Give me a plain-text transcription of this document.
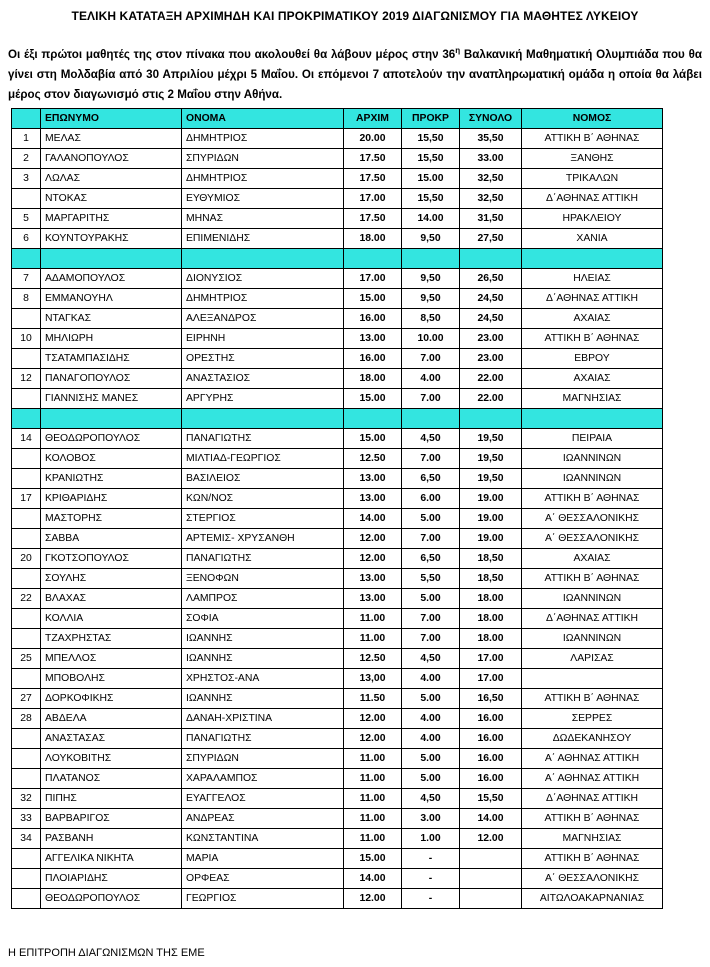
ΤΕΛΙΚΗ ΚΑΤΑΤΑΞΗ ΑΡΧΙΜΗΔΗ ΚΑΙ ΠΡΟΚΡΙΜΑΤΙΚΟΥ 2019 ΔΙΑΓΩΝΙΣΜΟΥ ΓΙΑ ΜΑΘΗΤΕΣ ΛΥΚΕΙΟΥ
Οι έξι πρώτοι μαθητές της στον πίνακα που ακολουθεί θα λάβουν μέρος στην $36^\eta$ Βαλκανική Μαθηματική Ολυμπιάδα που θα γίνει στη Μολδαβία από 30 Απριλίου μέχρι 5 Μαΐου. Οι επόμενοι 7 αποτελούν την αναπληρωματική ομάδα η οποία θα λάβει μέρος στον διαγωνισμό στις 2 Μαΐου στην Αθήνα.
	ΕΠΩΝΥΜΟ	ΟΝΟΜΑ	ΑΡΧΙΜ	ΠΡΟΚΡ	ΣΥΝΟΛΟ	ΝΟΜΟΣ
1	ΜΕΛΑΣ	ΔΗΜΗΤΡΙΟΣ	20.00	15,50	35,50	ΑΤΤΙΚΗ Β΄ ΑΘΗΝΑΣ
2	ΓΑΛΑΝΟΠΟΥΛΟΣ	ΣΠΥΡΙΔΩΝ	17.50	15,50	33.00	ΞΑΝΘΗΣ
3	ΛΩΛΑΣ	ΔΗΜΗΤΡΙΟΣ	17.50	15.00	32,50	ΤΡΙΚΑΛΩΝ
	ΝΤΟΚΑΣ	ΕΥΘΥΜΙΟΣ	17.00	15,50	32,50	Δ΄ΑΘΗΝΑΣ ΑΤΤΙΚΗ
5	ΜΑΡΓΑΡΙΤΗΣ	ΜΗΝΑΣ	17.50	14.00	31,50	ΗΡΑΚΛΕΙΟΥ
6	ΚΟΥΝΤΟΥΡΑΚΗΣ	ΕΠΙΜΕΝΙΔΗΣ	18.00	9,50	27,50	ΧΑΝΙΑ

7	ΑΔΑΜΟΠΟΥΛΟΣ	ΔΙΟΝΥΣΙΟΣ	17.00	9,50	26,50	ΗΛΕΙΑΣ
8	ΕΜΜΑΝΟΥΗΛ	ΔΗΜΗΤΡΙΟΣ	15.00	9,50	24,50	Δ΄ΑΘΗΝΑΣ ΑΤΤΙΚΗ
	ΝΤΑΓΚΑΣ	ΑΛΕΞΑΝΔΡΟΣ	16.00	8,50	24,50	ΑΧΑΙΑΣ
10	ΜΗΛΙΩΡΗ	ΕΙΡΗΝΗ	13.00	10.00	23.00	ΑΤΤΙΚΗ Β΄ ΑΘΗΝΑΣ
	ΤΣΑΤΑΜΠΑΣΙΔΗΣ	ΟΡΕΣΤΗΣ	16.00	7.00	23.00	ΕΒΡΟΥ
12	ΠΑΝΑΓΟΠΟΥΛΟΣ	ΑΝΑΣΤΑΣΙΟΣ	18.00	4.00	22.00	ΑΧΑΙΑΣ
	ΓΙΑΝΝΙΣΗΣ ΜΑΝΕΣ	ΑΡΓΥΡΗΣ	15.00	7.00	22.00	ΜΑΓΝΗΣΙΑΣ

14	ΘΕΟΔΩΡΟΠΟΥΛΟΣ	ΠΑΝΑΓΙΩΤΗΣ	15.00	4,50	19,50	ΠΕΙΡΑΙΑ
	ΚΟΛΟΒΟΣ	ΜΙΛΤΙΑΔ-ΓΕΩΡΓΙΟΣ	12.50	7.00	19,50	ΙΩΑΝΝΙΝΩΝ
	ΚΡΑΝΙΩΤΗΣ	ΒΑΣΙΛΕΙΟΣ	13.00	6,50	19,50	ΙΩΑΝΝΙΝΩΝ
17	ΚΡΙΘΑΡΙΔΗΣ	ΚΩΝ/ΝΟΣ	13.00	6.00	19.00	ΑΤΤΙΚΗ Β΄ ΑΘΗΝΑΣ
	ΜΑΣΤΟΡΗΣ	ΣΤΕΡΓΙΟΣ	14.00	5.00	19.00	Α΄ ΘΕΣΣΑΛΟΝΙΚΗΣ
	ΣΑΒΒΑ	ΑΡΤΕΜΙΣ- ΧΡΥΣΑΝΘΗ	12.00	7.00	19.00	Α΄ ΘΕΣΣΑΛΟΝΙΚΗΣ
20	ΓΚΟΤΣΟΠΟΥΛΟΣ	ΠΑΝΑΓΙΩΤΗΣ	12.00	6,50	18,50	ΑΧΑΙΑΣ
	ΣΟΥΛΗΣ	ΞΕΝΟΦΩΝ	13.00	5,50	18,50	ΑΤΤΙΚΗ Β΄ ΑΘΗΝΑΣ
22	ΒΛΑΧΑΣ	ΛΑΜΠΡΟΣ	13.00	5.00	18.00	ΙΩΑΝΝΙΝΩΝ
	ΚΟΛΛΙΑ	ΣΟΦΙΑ	11.00	7.00	18.00	Δ΄ΑΘΗΝΑΣ ΑΤΤΙΚΗ
	ΤΖΑΧΡΗΣΤΑΣ	ΙΩΑΝΝΗΣ	11.00	7.00	18.00	ΙΩΑΝΝΙΝΩΝ
25	ΜΠΕΛΛΟΣ	ΙΩΑΝΝΗΣ	12.50	4,50	17.00	ΛΑΡΙΣΑΣ
	ΜΠΟΒΟΛΗΣ	ΧΡΗΣΤΟΣ-ΑΝΑ	13,00	4.00	17.00	
27	ΔΟΡΚΟΦΙΚΗΣ	ΙΩΑΝΝΗΣ	11.50	5.00	16,50	ΑΤΤΙΚΗ Β΄ ΑΘΗΝΑΣ
28	ΑΒΔΕΛΑ	ΔΑΝΑΗ-ΧΡΙΣΤΙΝΑ	12.00	4.00	16.00	ΣΕΡΡΕΣ
	ΑΝΑΣΤΑΣΑΣ	ΠΑΝΑΓΙΩΤΗΣ	12.00	4.00	16.00	ΔΩΔΕΚΑΝΗΣΟΥ
	ΛΟΥΚΟΒΙΤΗΣ	ΣΠΥΡΙΔΩΝ	11.00	5.00	16.00	Α΄ ΑΘΗΝΑΣ ΑΤΤΙΚΗ
	ΠΛΑΤΑΝΟΣ	ΧΑΡΑΛΑΜΠΟΣ	11.00	5.00	16.00	Α΄ ΑΘΗΝΑΣ ΑΤΤΙΚΗ
32	ΠΙΠΗΣ	ΕΥΑΓΓΕΛΟΣ	11.00	4,50	15,50	Δ΄ΑΘΗΝΑΣ ΑΤΤΙΚΗ
33	ΒΑΡΒΑΡΙΓΟΣ	ΑΝΔΡΕΑΣ	11.00	3.00	14.00	ΑΤΤΙΚΗ Β΄ ΑΘΗΝΑΣ
34	ΡΑΣΒΑΝΗ	ΚΩΝΣΤΑΝΤΙΝΑ	11.00	1.00	12.00	ΜΑΓΝΗΣΙΑΣ
	ΑΓΓΕΛΙΚΑ ΝΙΚΗΤΑ	ΜΑΡΙΑ	15.00	-		ΑΤΤΙΚΗ Β΄ ΑΘΗΝΑΣ
	ΠΛΟΙΑΡΙΔΗΣ	ΟΡΦΕΑΣ	14.00	-		Α΄ ΘΕΣΣΑΛΟΝΙΚΗΣ
	ΘΕΟΔΩΡΟΠΟΥΛΟΣ	ΓΕΩΡΓΙΟΣ	12.00	-		ΑΙΤΩΛΟΑΚΑΡΝΑΝΙΑΣ
Η ΕΠΙΤΡΟΠΗ ΔΙΑΓΩΝΙΣΜΩΝ ΤΗΣ ΕΜΕ
